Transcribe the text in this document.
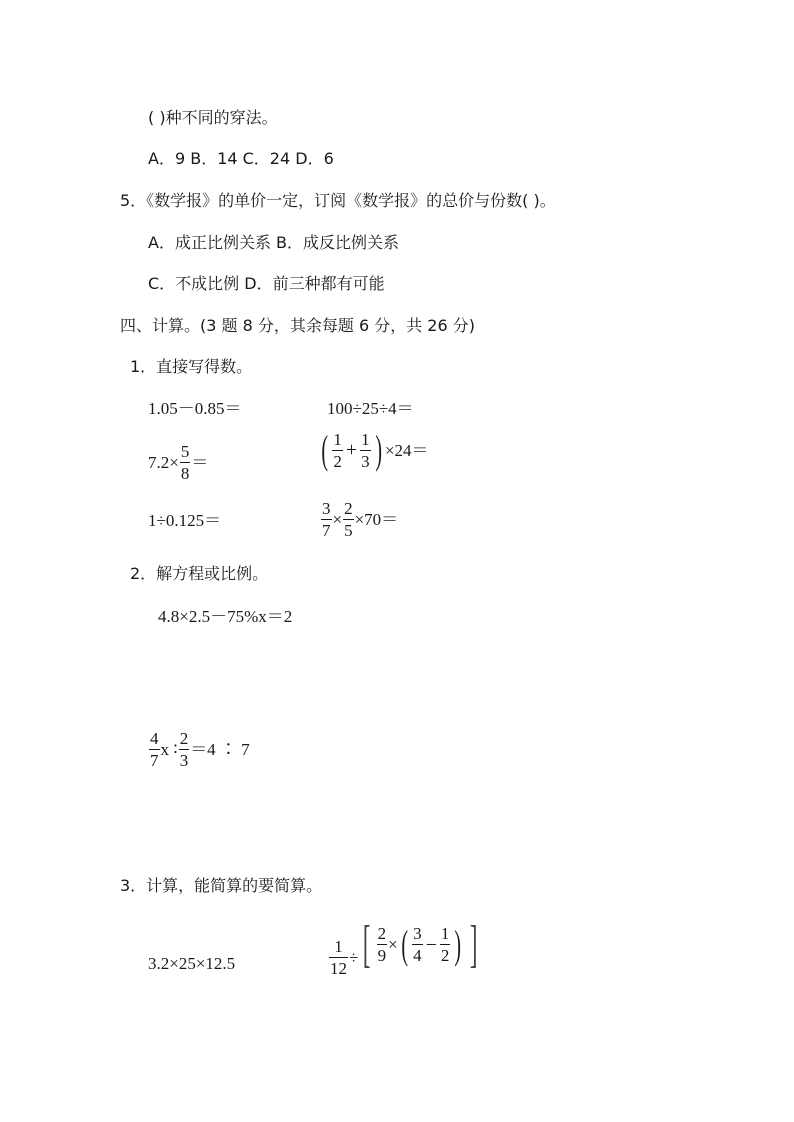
( )种不同的穿法。
A．9 B．14 C．24 D．6
5．《数学报》的单价一定，订阅《数学报》的总价与份数( )。
A．成正比例关系 B．成反比例关系
C．不成比例 D．前三种都有可能
四、计算。(3 题 8 分，其余每题 6 分，共 26 分)
1．直接写得数。
1.05－0.85＝	100÷25÷4＝
$7.2\times \frac{5}{8}$ ＝	( $\frac{1}{2} + \frac{1}{3}$ ) ×24＝
1÷0.125＝	$\frac{3}{7} \times \frac{2}{5} \times 70=$
2．解方程或比例。
4.8×2.5－75%x＝2
$\frac{4}{7}$ x ∶ $\frac{2}{3} =4$ ∶ 7
3．计算，能简算的要简算。
3.2×25×12.5	$\frac{1}{12}$ ÷ [ $\frac{2}{9}$ × ( $\frac{3}{4} - \frac{1}{2}$ ) ]
